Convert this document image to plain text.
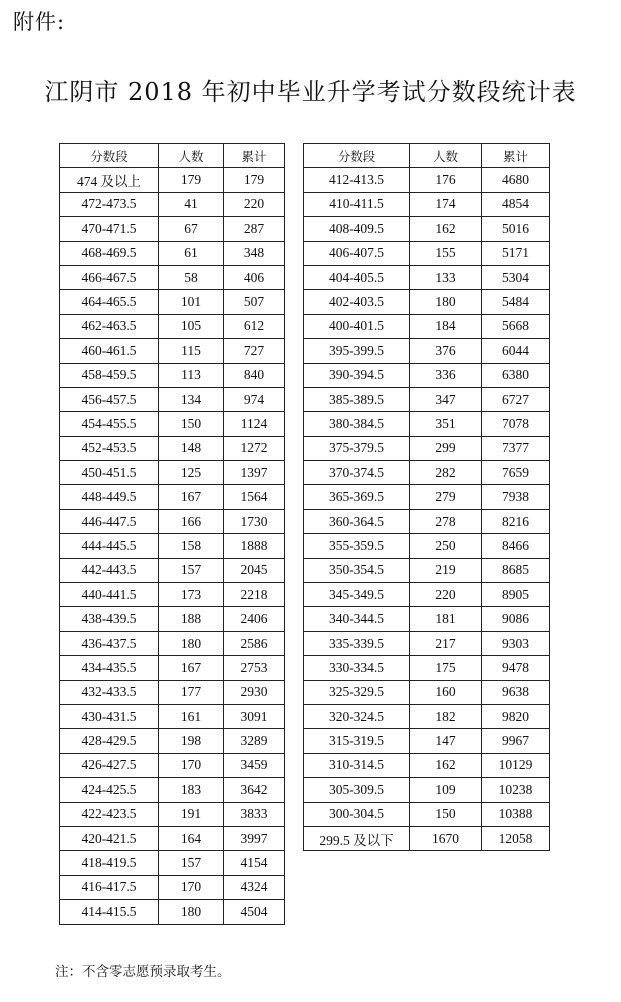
附件:
江阴市 2018 年初中毕业升学考试分数段统计表
分数段	人数	累计
474 及以上	179	179
472-473.5	41	220
470-471.5	67	287
468-469.5	61	348
466-467.5	58	406
464-465.5	101	507
462-463.5	105	612
460-461.5	115	727
458-459.5	113	840
456-457.5	134	974
454-455.5	150	1124
452-453.5	148	1272
450-451.5	125	1397
448-449.5	167	1564
446-447.5	166	1730
444-445.5	158	1888
442-443.5	157	2045
440-441.5	173	2218
438-439.5	188	2406
436-437.5	180	2586
434-435.5	167	2753
432-433.5	177	2930
430-431.5	161	3091
428-429.5	198	3289
426-427.5	170	3459
424-425.5	183	3642
422-423.5	191	3833
420-421.5	164	3997
418-419.5	157	4154
416-417.5	170	4324
414-415.5	180	4504
分数段	人数	累计
412-413.5	176	4680
410-411.5	174	4854
408-409.5	162	5016
406-407.5	155	5171
404-405.5	133	5304
402-403.5	180	5484
400-401.5	184	5668
395-399.5	376	6044
390-394.5	336	6380
385-389.5	347	6727
380-384.5	351	7078
375-379.5	299	7377
370-374.5	282	7659
365-369.5	279	7938
360-364.5	278	8216
355-359.5	250	8466
350-354.5	219	8685
345-349.5	220	8905
340-344.5	181	9086
335-339.5	217	9303
330-334.5	175	9478
325-329.5	160	9638
320-324.5	182	9820
315-319.5	147	9967
310-314.5	162	10129
305-309.5	109	10238
300-304.5	150	10388
299.5 及以下	1670	12058
注：不含零志愿预录取考生。
